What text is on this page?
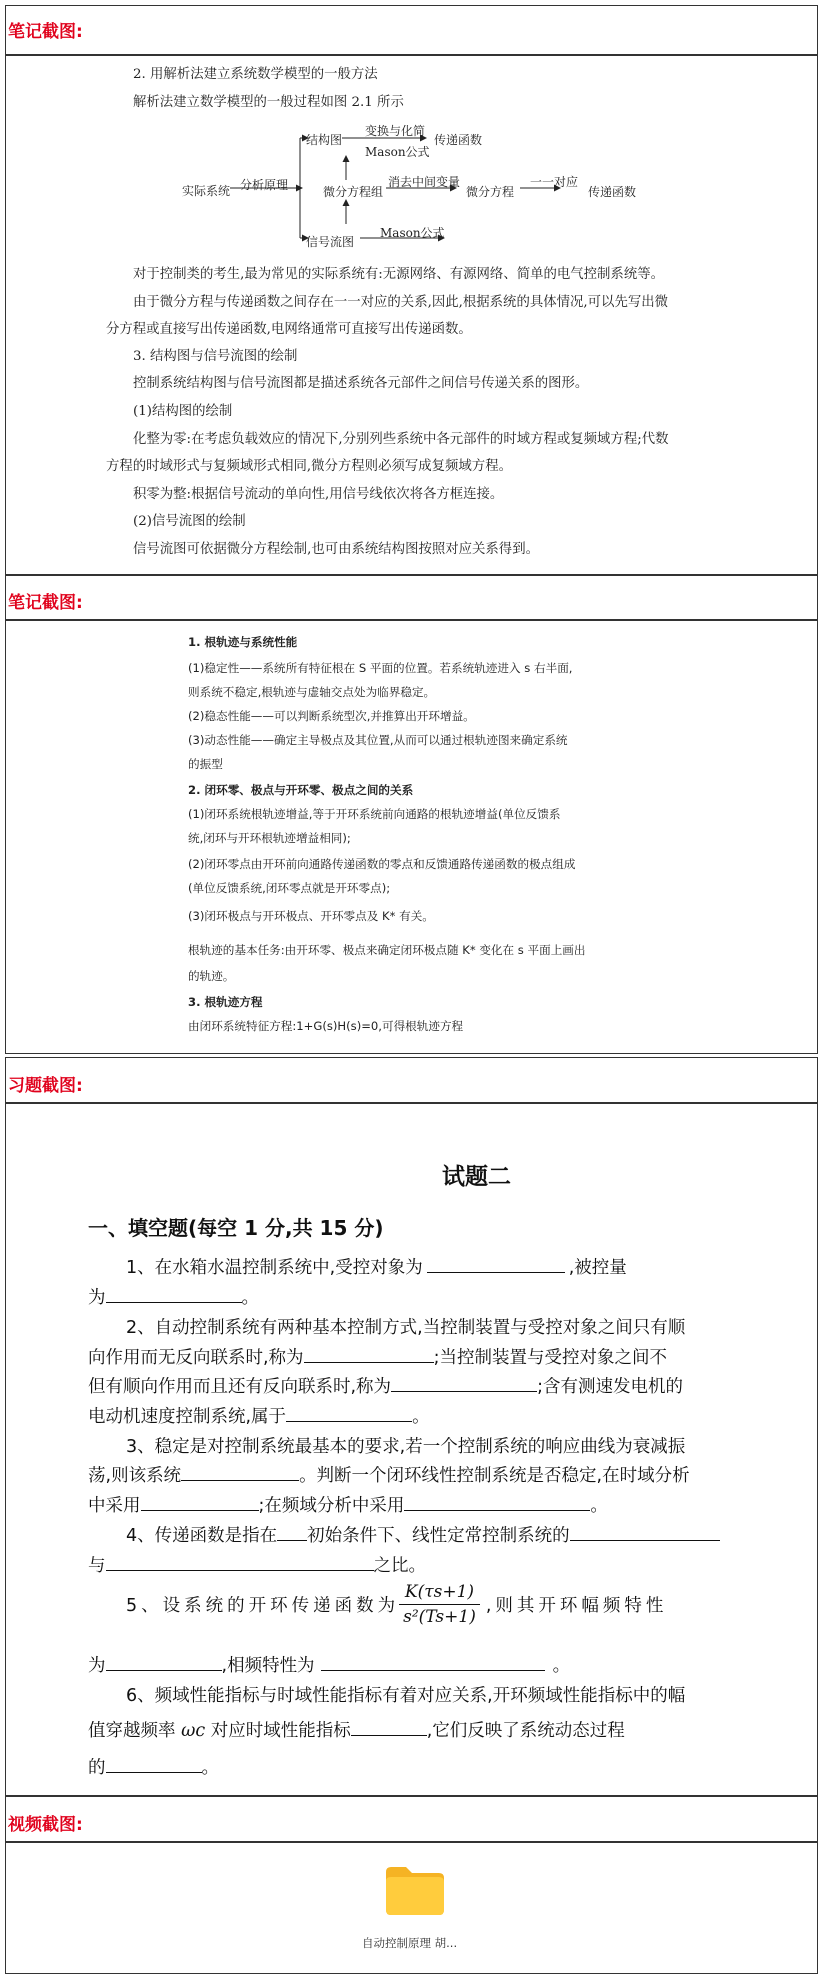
笔记截图:
2. 用解析法建立系统数学模型的一般方法
解析法建立数学模型的一般过程如图 2.1 所示
实际系统 分析原理
结构图
变换与化简
Mason公式
传递函数
微分方程组
消去中间变量
微分方程
一一对应
传递函数
信号流图
Mason公式
对于控制类的考生,最为常见的实际系统有:无源网络、有源网络、简单的电气控制系统等。
由于微分方程与传递函数之间存在一一对应的关系,因此,根据系统的具体情况,可以先写出微
分方程或直接写出传递函数,电网络通常可直接写出传递函数。
3. 结构图与信号流图的绘制
控制系统结构图与信号流图都是描述系统各元部件之间信号传递关系的图形。
(1)结构图的绘制
化整为零:在考虑负载效应的情况下,分别列些系统中各元部件的时域方程或复频域方程;代数
方程的时域形式与复频域形式相同,微分方程则必须写成复频域方程。
积零为整:根据信号流动的单向性,用信号线依次将各方框连接。
(2)信号流图的绘制
信号流图可依据微分方程绘制,也可由系统结构图按照对应关系得到。
笔记截图:
1. 根轨迹与系统性能
(1)稳定性——系统所有特征根在 S 平面的位置。若系统轨迹进入 s 右半面,
则系统不稳定,根轨迹与虚轴交点处为临界稳定。
(2)稳态性能——可以判断系统型次,并推算出开环增益。
(3)动态性能——确定主导极点及其位置,从而可以通过根轨迹图来确定系统
的振型
2. 闭环零、极点与开环零、极点之间的关系
(1)闭环系统根轨迹增益,等于开环系统前向通路的根轨迹增益(单位反馈系
统,闭环与开环根轨迹增益相同);
(2)闭环零点由开环前向通路传递函数的零点和反馈通路传递函数的极点组成
(单位反馈系统,闭环零点就是开环零点);
(3)闭环极点与开环极点、开环零点及 K* 有关。
根轨迹的基本任务:由开环零、极点来确定闭环极点随 K* 变化在 s 平面上画出
的轨迹。
3. 根轨迹方程
由闭环系统特征方程:1+G(s)H(s)=0,可得根轨迹方程
习题截图:
试题二
一、填空题(每空 1 分,共 15 分)
1、在水箱水温控制系统中,受控对象为	,被控量
为	。
2、自动控制系统有两种基本控制方式,当控制装置与受控对象之间只有顺
向作用而无反向联系时,称为	;当控制装置与受控对象之间不
但有顺向作用而且还有反向联系时,称为	;含有测速发电机的
电动机速度控制系统,属于	。
3、稳定是对控制系统最基本的要求,若一个控制系统的响应曲线为衰减振
荡,则该系统	。判断一个闭环线性控制系统是否稳定,在时域分析
中采用	;在频域分析中采用	。
4、传递函数是指在 初始条件下、线性定常控制系统的
与	之比。
5、设系统的开环传递函数为 $\frac{K(\tau s+1)}{\text{s²(Ts+1)}}$ ,则其开环幅频特性
为	,相频特性为	。
6、频域性能指标与时域性能指标有着对应关系,开环频域性能指标中的幅
值穿越频率 ωc 对应时域性能指标	,它们反映了系统动态过程
的	。
视频截图:
自动控制原理 胡...
